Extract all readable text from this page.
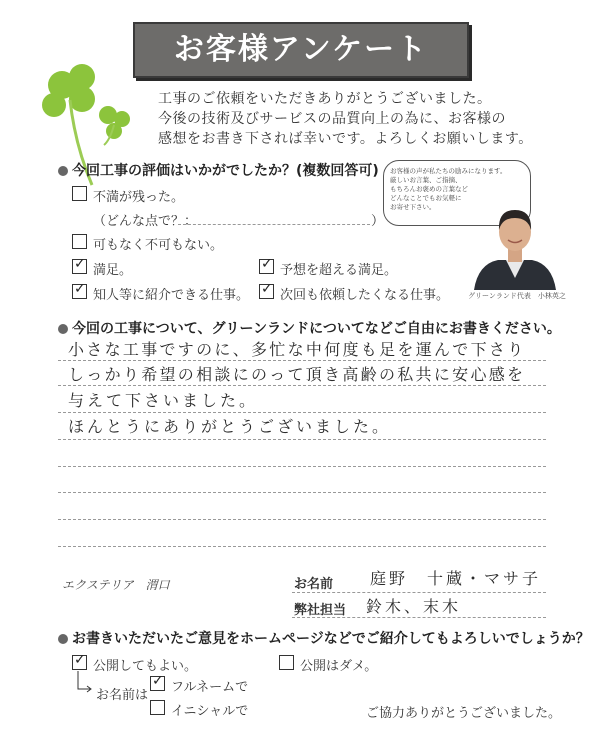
お客様アンケート
工事のご依頼をいただきありがとうございました。
今後の技術及びサービスの品質向上の為に、お客様の
感想をお書き下されば幸いです。よろしくお願いします。
今回工事の評価はいかがでしたか？(複数回答可)
不満が残った。
（どんな点で？：	）
可もなく不可もない。
✓ 満足。	✓ 予想を超える満足。
✓ 知人等に紹介できる仕事。 ✓ 次回も依頼したくなる仕事。

お客様の声が私たちの励みになります。

厳しいお言葉、ご指摘、

もちろんお褒めの言葉など

どんなことでもお気軽に

お寄せ下さい。

グリーンランド代表　小林英之
今回の工事について、グリーンランドについてなどご自由にお書きください。
小さな工事ですのに、多忙な中何度も足を運んで下さり
しっかり希望の相談にのって頂き高齢の私共に安心感を
与えて下さいました。
ほんとうにありがとうございました。
エクステリア　渭口	お名前 庭野　十蔵・マサ子
弊社担当 鈴木、末木
お書きいただいたご意見をホームページなどでご紹介してもよろしいでしょうか？
✓ 公開してもよい。	公開はダメ。
お名前は
✓ フルネームで
イニシャルで	ご協力ありがとうございました。
